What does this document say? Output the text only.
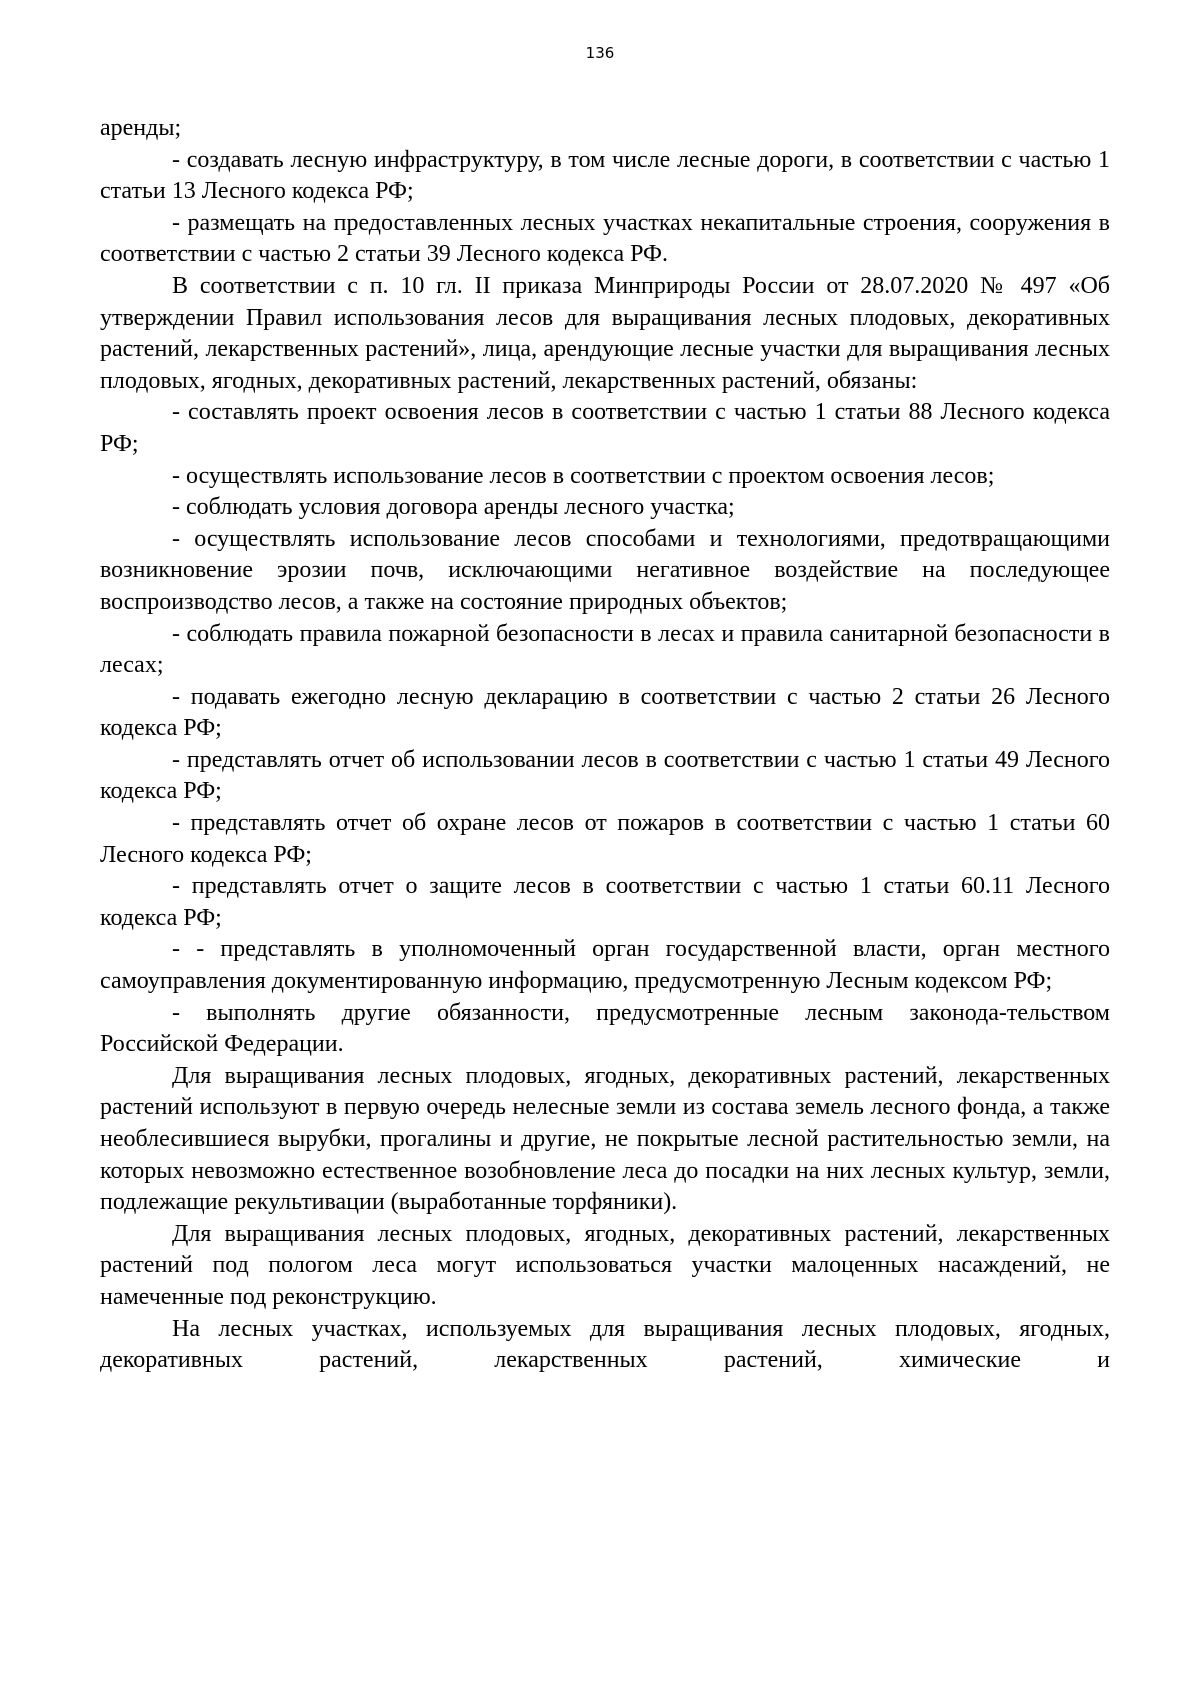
136

аренды;

- создавать лесную инфраструктуру, в том числе лесные дороги, в соответствии с частью 1 статьи 13 Лесного кодекса РФ;

- размещать на предоставленных лесных участках некапитальные строения, сооружения в соответствии с частью 2 статьи 39 Лесного кодекса РФ.

В соответствии с п. 10 гл. II приказа Минприроды России от 28.07.2020 № 497 «Об утверждении Правил использования лесов для выращивания лесных плодовых, декоративных растений, лекарственных растений», лица, арендующие лесные участки для выращивания лесных плодовых, ягодных, декоративных растений, лекарственных растений, обязаны:

- составлять проект освоения лесов в соответствии с частью 1 статьи 88 Лесного кодекса РФ;

- осуществлять использование лесов в соответствии с проектом освоения лесов;

- соблюдать условия договора аренды лесного участка;

- осуществлять использование лесов способами и технологиями, предотвращающими возникновение эрозии почв, исключающими негативное воздействие на последующее воспроизводство лесов, а также на состояние природных объектов;

- соблюдать правила пожарной безопасности в лесах и правила санитарной безопасности в лесах;

- подавать ежегодно лесную декларацию в соответствии с частью 2 статьи 26 Лесного кодекса РФ;

- представлять отчет об использовании лесов в соответствии с частью 1 статьи 49 Лесного кодекса РФ;

- представлять отчет об охране лесов от пожаров в соответствии с частью 1 статьи 60 Лесного кодекса РФ;

- представлять отчет о защите лесов в соответствии с частью 1 статьи 60.11 Лесного кодекса РФ;

- - представлять в уполномоченный орган государственной власти, орган местного самоуправления документированную информацию, предусмотренную Лесным кодексом РФ;

- выполнять другие обязанности, предусмотренные лесным законода-тельством Российской Федерации.

Для выращивания лесных плодовых, ягодных, декоративных растений, лекарственных растений используют в первую очередь нелесные земли из состава земель лесного фонда, а также необлесившиеся вырубки, прогалины и другие, не покрытые лесной растительностью земли, на которых невозможно естественное возобновление леса до посадки на них лесных культур, земли, подлежащие рекультивации (выработанные торфяники).

Для выращивания лесных плодовых, ягодных, декоративных растений, лекарственных растений под пологом леса могут использоваться участки малоценных насаждений, не намеченные под реконструкцию.

На лесных участках, используемых для выращивания лесных плодовых, ягодных, декоративных растений, лекарственных растений, химические и
